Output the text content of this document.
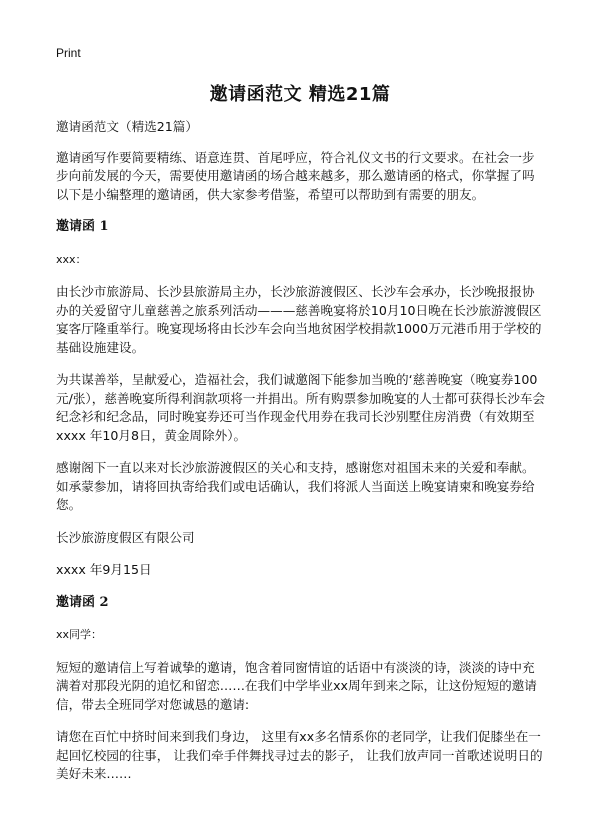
Print
邀请函范文 精选21篇

邀请函范文（精选21篇）

邀请函写作要简要精练、语意连贯、首尾呼应，符合礼仪文书的行文要求。在社会一步步向前发展的今天，需要使用邀请函的场合越来越多，那么邀请函的格式，你掌握了吗以下是小编整理的邀请函，供大家参考借鉴，希望可以帮助到有需要的朋友。

邀请函 1

xxx：

由长沙市旅游局、长沙县旅游局主办，长沙旅游渡假区、长沙车会承办，长沙晚报报协办的关爱留守儿童慈善之旅系列活动———慈善晚宴将於10月10日晚在长沙旅游渡假区宴客厅隆重举行。晚宴现场将由长沙车会向当地贫困学校捐款1000万元港币用于学校的基础设施建设。

为共谋善举，呈献爱心，造福社会，我们诚邀阁下能参加当晚的‘慈善晚宴（晚宴券100元/张），慈善晚宴所得利润款项将一并捐出。所有购票参加晚宴的人士都可获得长沙车会纪念衫和纪念品，同时晚宴券还可当作现金代用券在我司长沙别墅住房消费（有效期至xxxx 年10月8日，黄金周除外）。

感谢阁下一直以来对长沙旅游渡假区的关心和支持，感谢您对祖国未来的关爱和奉献。如承蒙参加，请将回执寄给我们或电话确认，我们将派人当面送上晚宴请柬和晚宴券给您。

长沙旅游度假区有限公司

xxxx 年9月15日

邀请函 2

xx同学：

短短的邀请信上写着诚挚的邀请，饱含着同窗情谊的话语中有淡淡的诗，淡淡的诗中充满着对那段光阴的追忆和留恋……在我们中学毕业xx周年到来之际，让这份短短的邀请信，带去全班同学对您诚恳的邀请:

请您在百忙中挤时间来到我们身边， 这里有xx多名情系你的老同学，让我们促膝坐在一起回忆校园的往事， 让我们牵手伴舞找寻过去的影子， 让我们放声同一首歌述说明日的美好未来……
